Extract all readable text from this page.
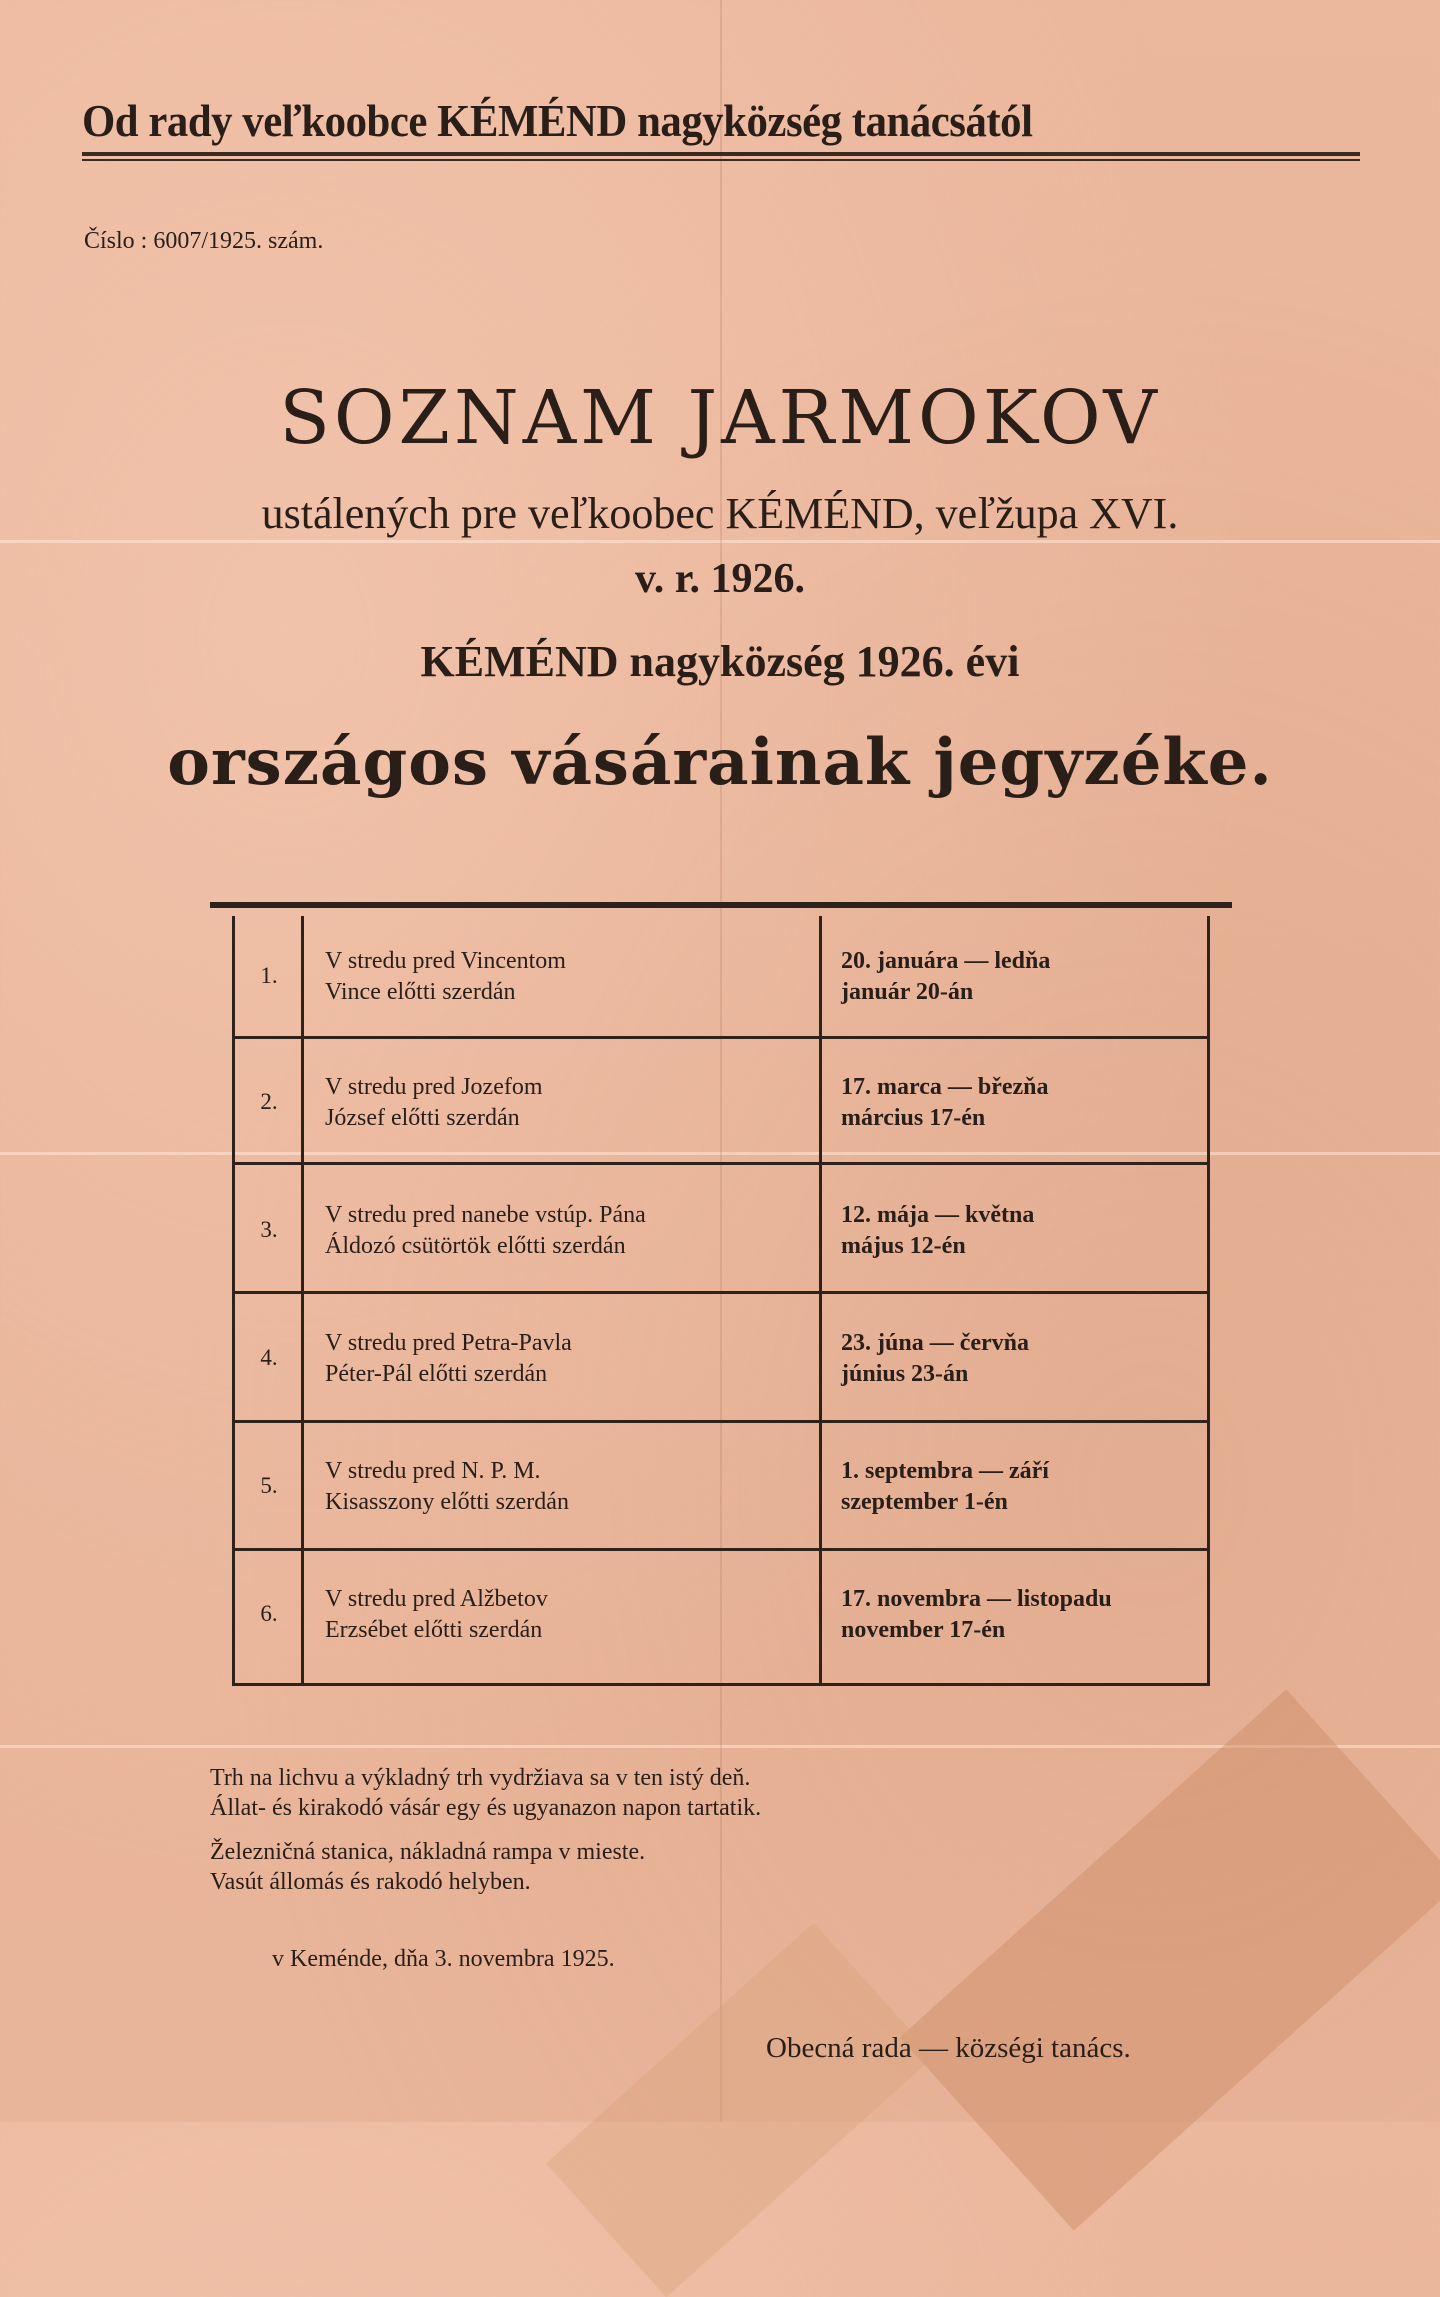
Od rady veľkoobce KÉMÉND nagyközség tanácsától
Číslo : 6007/1925. szám.
SOZNAM JARMOKOV
ustálených pre veľkoobec KÉMÉND, veľžupa XVI.
v. r. 1926.
KÉMÉND nagyközség 1926. évi
országos vásárainak jegyzéke.
1.
V stredu pred Vincentom
Vince előtti szerdán
20. januára — ledňa
január 20-án
2.
V stredu pred Jozefom
József előtti szerdán
17. marca — březňa
március 17-én
3.
V stredu pred nanebe vstúp. Pána
Áldozó csütörtök előtti szerdán
12. mája — května
május 12-én
4.
V stredu pred Petra-Pavla
Péter-Pál előtti szerdán
23. júna — červňa
június 23-án
5.
V stredu pred N. P. M.
Kisasszony előtti szerdán
1. septembra — září
szeptember 1-én
6.
V stredu pred Alžbetov
Erzsébet előtti szerdán
17. novembra — listopadu
november 17-én

Trh na lichvu a výkladný trh vydržiava sa v ten istý deň.

Állat- és kirakodó vásár egy és ugyanazon napon tartatik.

Železničná stanica, nákladná rampa v mieste.

Vasút állomás és rakodó helyben.

v Keménde, dňa 3. novembra 1925.
Obecná rada — községi tanács.
